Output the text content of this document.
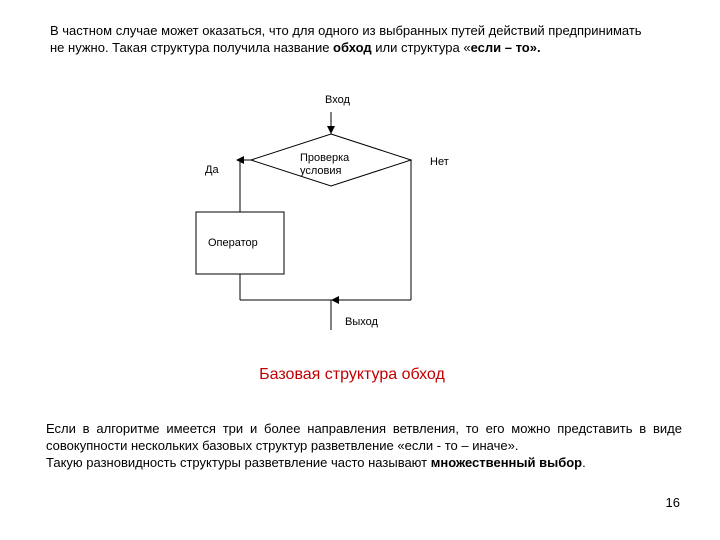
В частном случае может оказаться, что для одного из выбранных путей действий предпринимать
не нужно. Такая структура получила название обход или структура «если – то».
Вход
Проверка
условия
Да
Нет
Оператор
Выход
Базовая структура обход
Если в алгоритме имеется три и более направления ветвления, то его можно представить в виде совокупности нескольких базовых структур разветвление «если - то – иначе».
Такую разновидность структуры разветвление часто называют множественный выбор.
16
